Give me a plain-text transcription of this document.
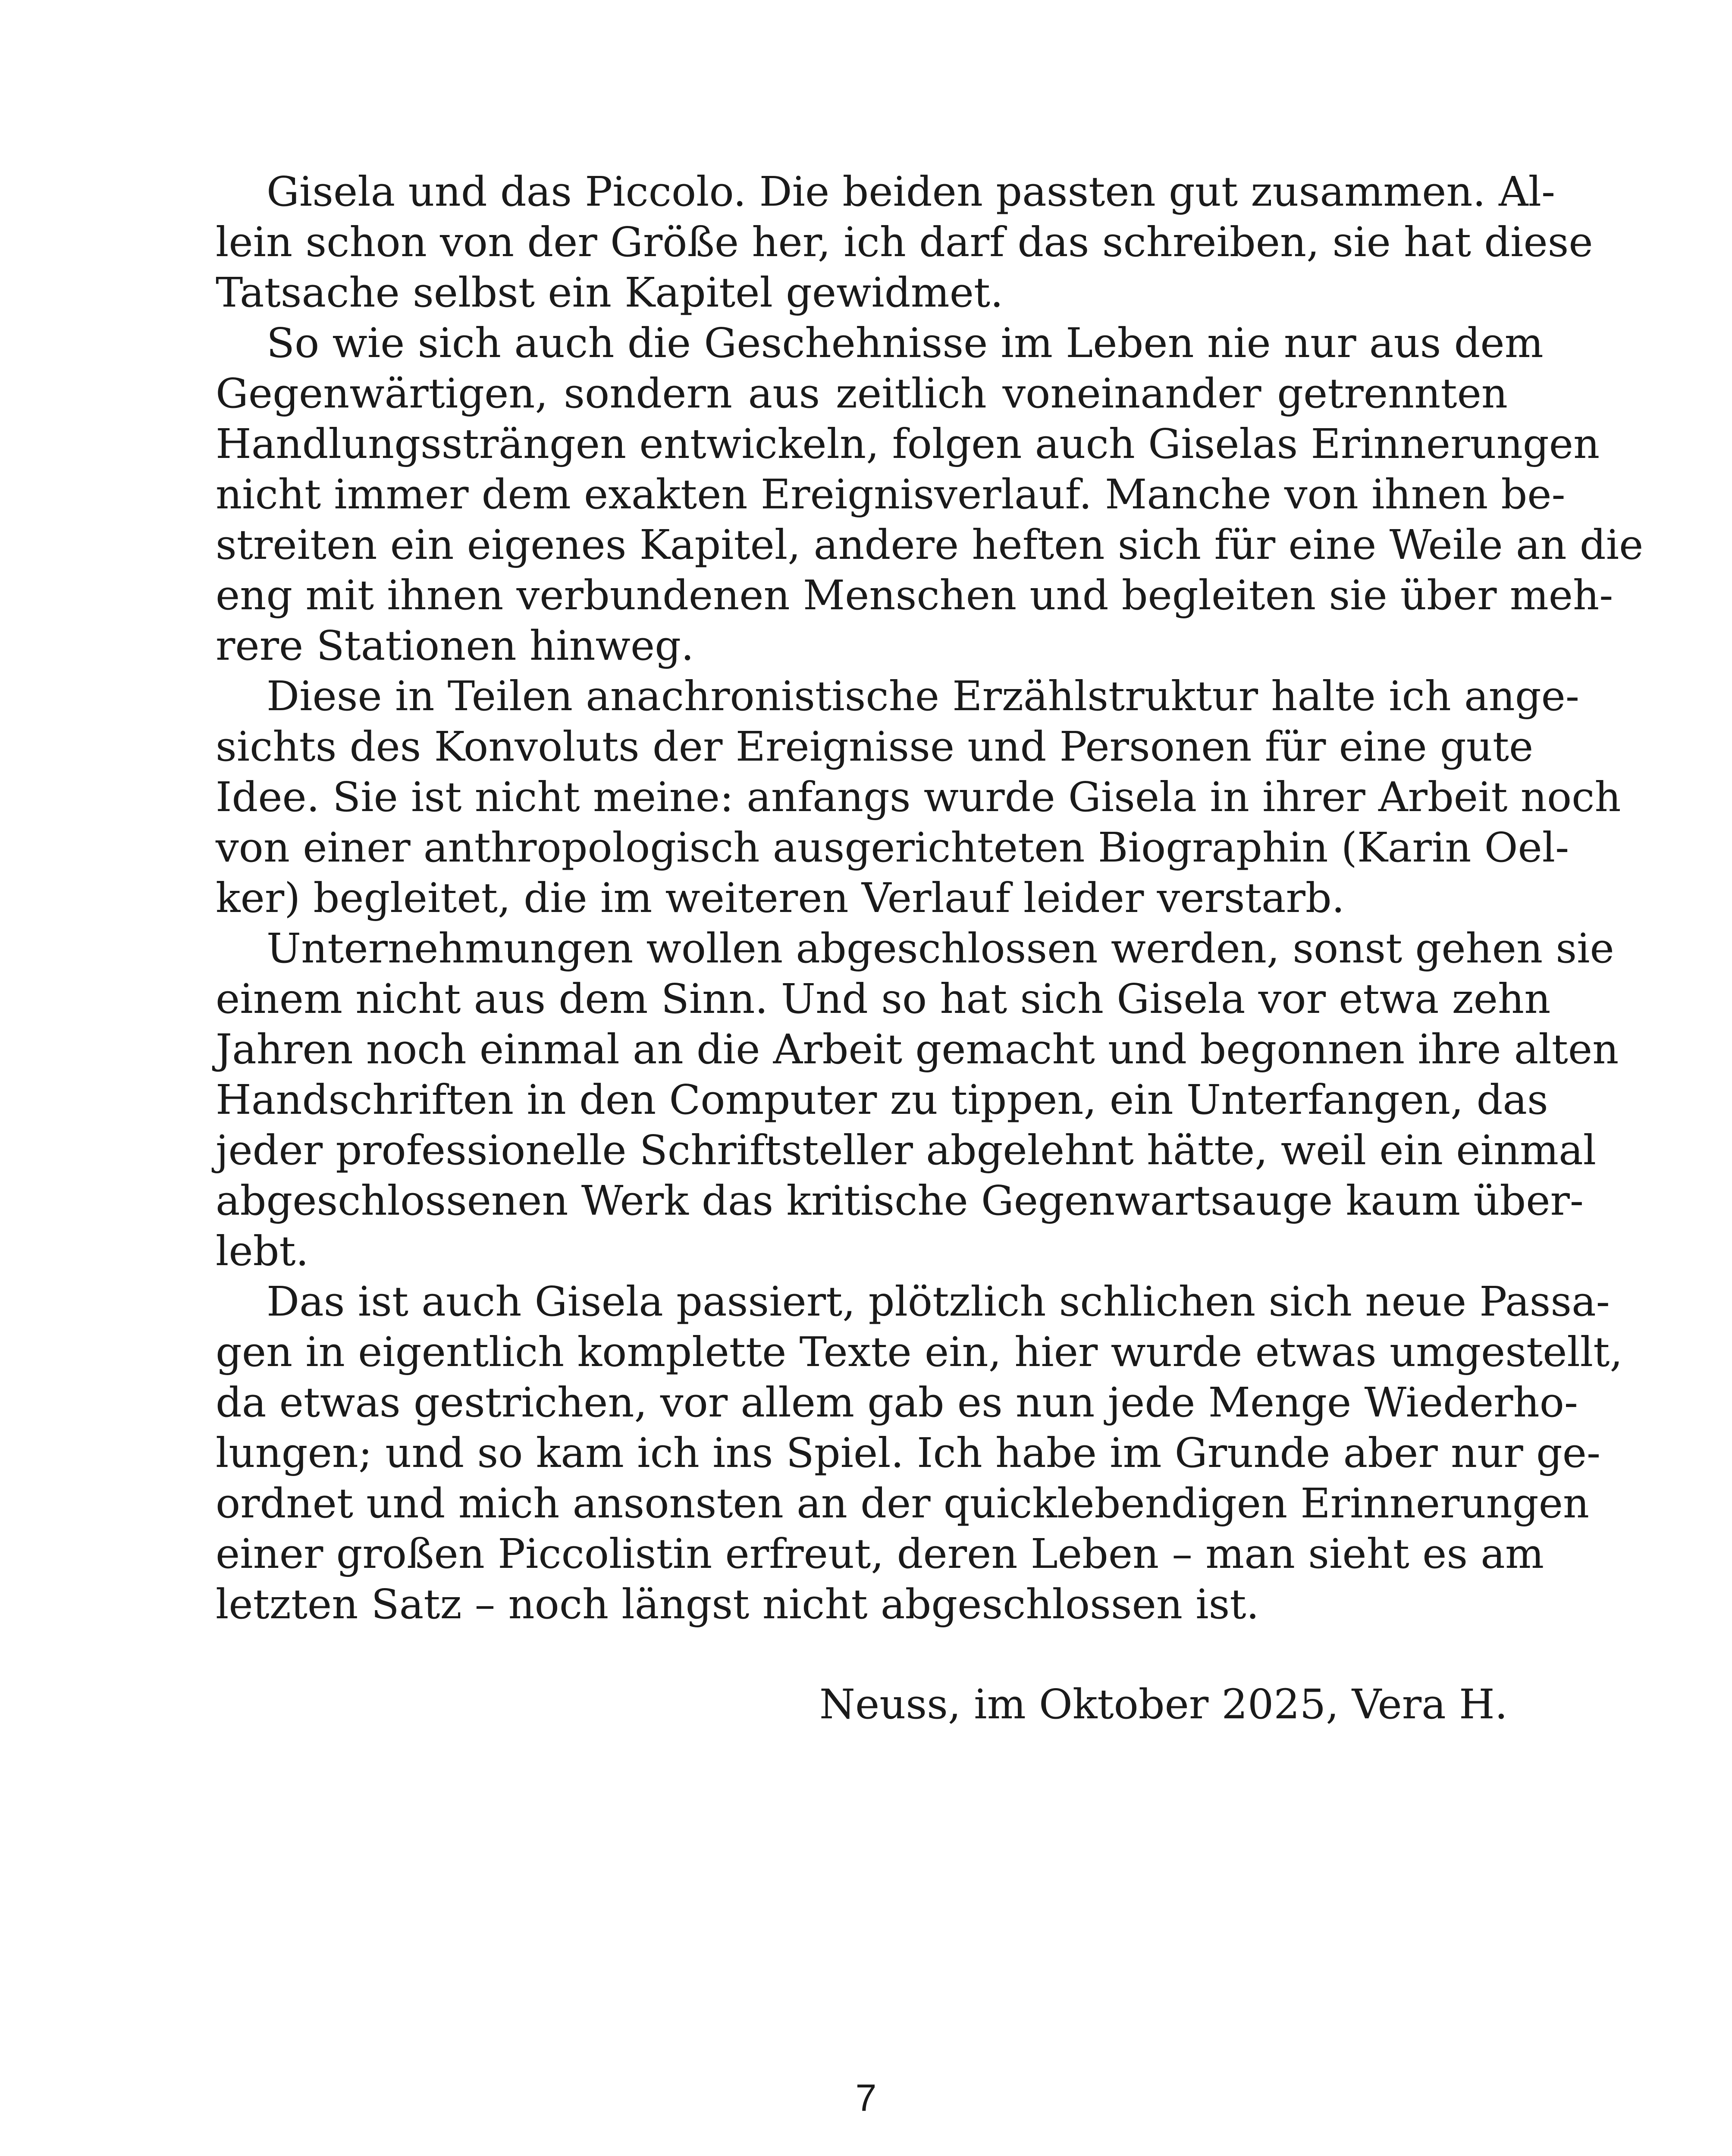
Gisela und das Piccolo. Die beiden passten gut zusammen. Al-
lein schon von der Größe her, ich darf das schreiben, sie hat diese
Tatsache selbst ein Kapitel gewidmet.
So wie sich auch die Geschehnisse im Leben nie nur aus dem
Gegenwärtigen, sondern aus zeitlich voneinander getrennten
Handlungssträngen entwickeln, folgen auch Giselas Erinnerungen
nicht immer dem exakten Ereignisverlauf. Manche von ihnen be-
streiten ein eigenes Kapitel, andere heften sich für eine Weile an die
eng mit ihnen verbundenen Menschen und begleiten sie über meh-
rere Stationen hinweg.
Diese in Teilen anachronistische Erzählstruktur halte ich ange-
sichts des Konvoluts der Ereignisse und Personen für eine gute
Idee. Sie ist nicht meine: anfangs wurde Gisela in ihrer Arbeit noch
von einer anthropologisch ausgerichteten Biographin (Karin Oel-
ker) begleitet, die im weiteren Verlauf leider verstarb.
Unternehmungen wollen abgeschlossen werden, sonst gehen sie
einem nicht aus dem Sinn. Und so hat sich Gisela vor etwa zehn
Jahren noch einmal an die Arbeit gemacht und begonnen ihre alten
Handschriften in den Computer zu tippen, ein Unterfangen, das
jeder professionelle Schriftsteller abgelehnt hätte, weil ein einmal
abgeschlossenen Werk das kritische Gegenwartsauge kaum über-
lebt.
Das ist auch Gisela passiert, plötzlich schlichen sich neue Passa-
gen in eigentlich komplette Texte ein, hier wurde etwas umgestellt,
da etwas gestrichen, vor allem gab es nun jede Menge Wiederho-
lungen; und so kam ich ins Spiel. Ich habe im Grunde aber nur ge-
ordnet und mich ansonsten an der quicklebendigen Erinnerungen
einer großen Piccolistin erfreut, deren Leben – man sieht es am
letzten Satz – noch längst nicht abgeschlossen ist.
Neuss, im Oktober 2025, Vera H.
7
